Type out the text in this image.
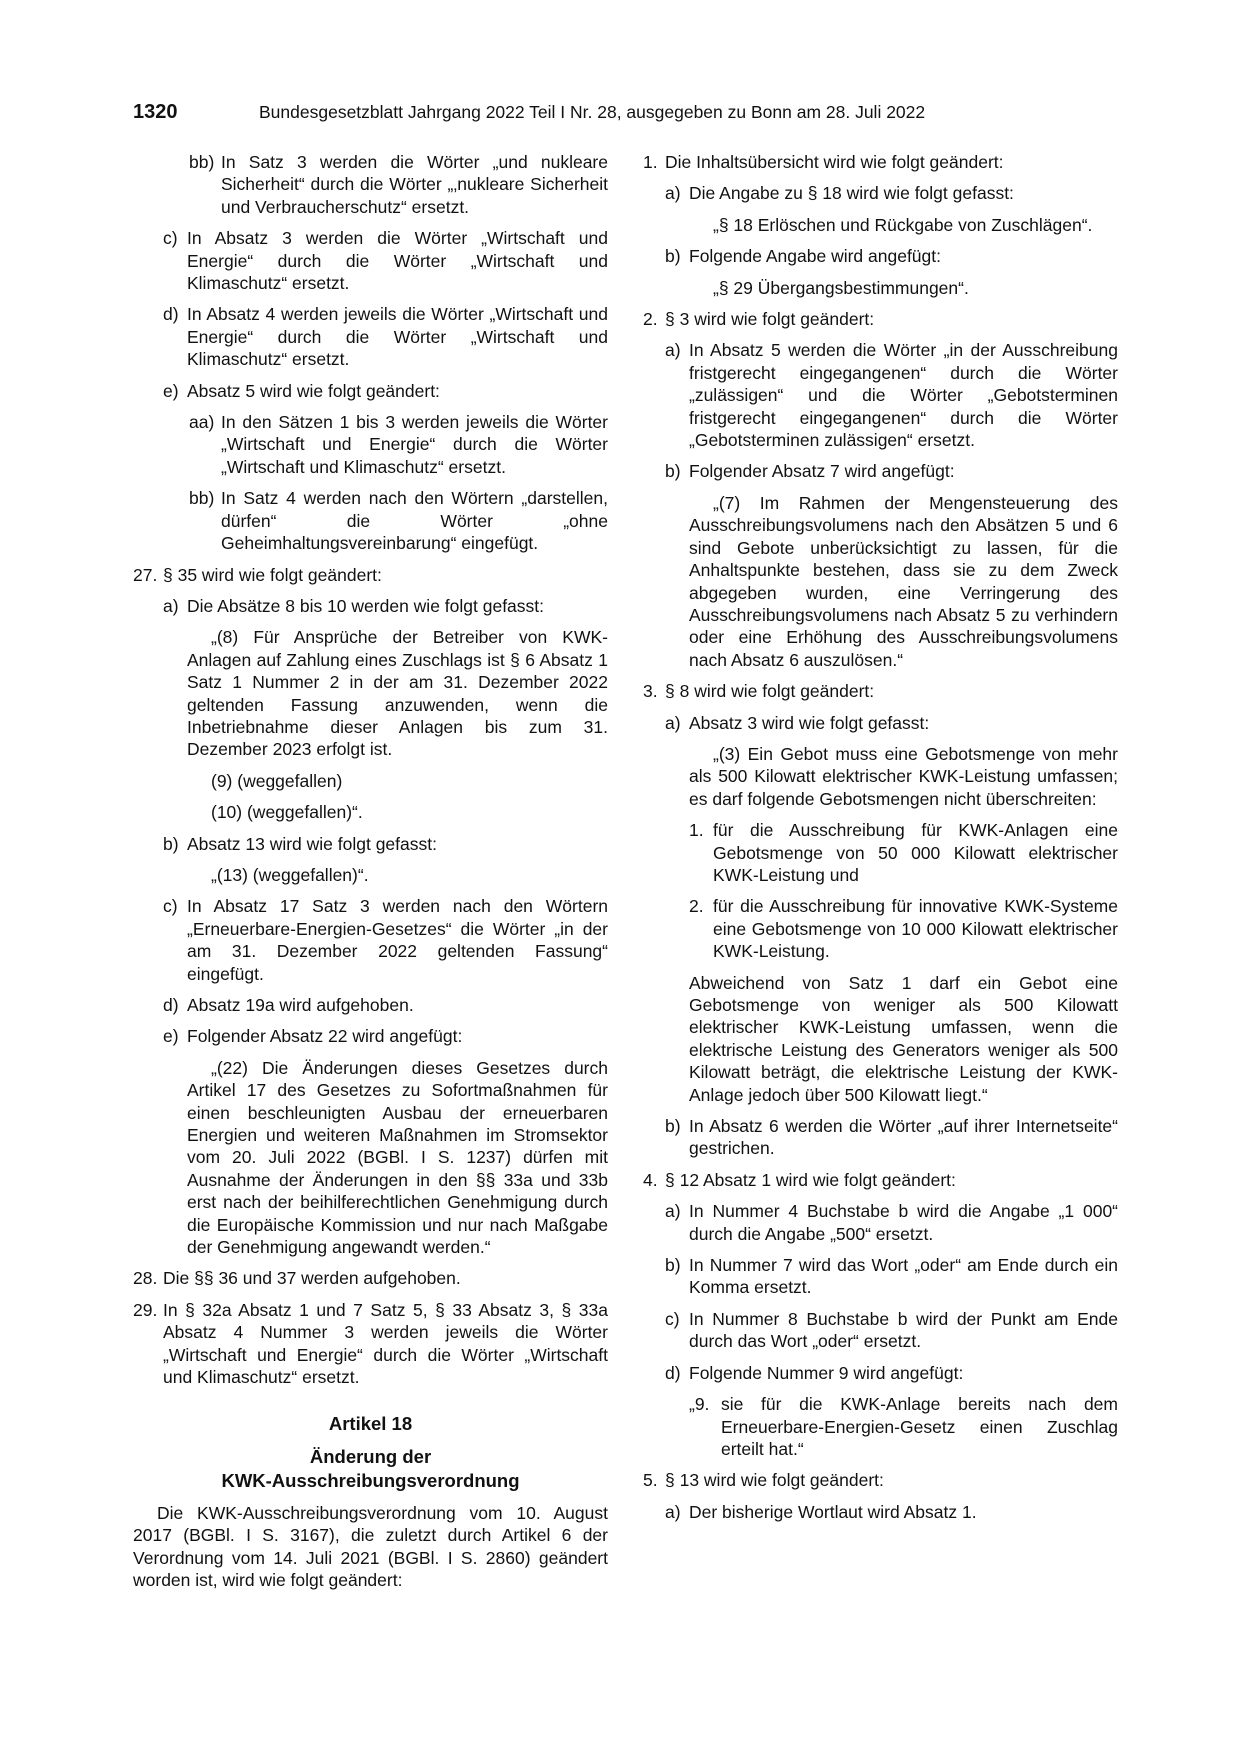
1320	Bundesgesetzblatt Jahrgang 2022 Teil I Nr. 28, ausgegeben zu Bonn am 28. Juli 2022
bb) In Satz 3 werden die Wörter „und nukleare Sicherheit“ durch die Wörter „‚nukleare Sicherheit und Verbraucherschutz“ ersetzt.
c) In Absatz 3 werden die Wörter „Wirtschaft und Energie“ durch die Wörter „Wirtschaft und Klimaschutz“ ersetzt.
d) In Absatz 4 werden jeweils die Wörter „Wirtschaft und Energie“ durch die Wörter „Wirtschaft und Klimaschutz“ ersetzt.
e) Absatz 5 wird wie folgt geändert:
aa) In den Sätzen 1 bis 3 werden jeweils die Wörter „Wirtschaft und Energie“ durch die Wörter „Wirtschaft und Klimaschutz“ ersetzt.
bb) In Satz 4 werden nach den Wörtern „darstellen, dürfen“ die Wörter „ohne Geheimhaltungsvereinbarung“ eingefügt.
27. § 35 wird wie folgt geändert:
a) Die Absätze 8 bis 10 werden wie folgt gefasst:
„(8) Für Ansprüche der Betreiber von KWK-Anlagen auf Zahlung eines Zuschlags ist § 6 Absatz 1 Satz 1 Nummer 2 in der am 31. Dezember 2022 geltenden Fassung anzuwenden, wenn die Inbetriebnahme dieser Anlagen bis zum 31. Dezember 2023 erfolgt ist.
(9) (weggefallen)
(10) (weggefallen)“.
b) Absatz 13 wird wie folgt gefasst:
„(13) (weggefallen)“.
c) In Absatz 17 Satz 3 werden nach den Wörtern „Erneuerbare-Energien-Gesetzes“ die Wörter „in der am 31. Dezember 2022 geltenden Fassung“ eingefügt.
d) Absatz 19a wird aufgehoben.
e) Folgender Absatz 22 wird angefügt:
„(22) Die Änderungen dieses Gesetzes durch Artikel 17 des Gesetzes zu Sofortmaßnahmen für einen beschleunigten Ausbau der erneuerbaren Energien und weiteren Maßnahmen im Stromsektor vom 20. Juli 2022 (BGBl. I S. 1237) dürfen mit Ausnahme der Änderungen in den §§ 33a und 33b erst nach der beihilferechtlichen Genehmigung durch die Europäische Kommission und nur nach Maßgabe der Genehmigung angewandt werden.“
28. Die §§ 36 und 37 werden aufgehoben.
29. In § 32a Absatz 1 und 7 Satz 5, § 33 Absatz 3, § 33a Absatz 4 Nummer 3 werden jeweils die Wörter „Wirtschaft und Energie“ durch die Wörter „Wirtschaft und Klimaschutz“ ersetzt.
Artikel 18
Änderung der
KWK-Ausschreibungsverordnung
Die KWK-Ausschreibungsverordnung vom 10. August 2017 (BGBl. I S. 3167), die zuletzt durch Artikel 6 der Verordnung vom 14. Juli 2021 (BGBl. I S. 2860) geändert worden ist, wird wie folgt geändert:
1. Die Inhaltsübersicht wird wie folgt geändert:
a) Die Angabe zu § 18 wird wie folgt gefasst:
„§ 18 Erlöschen und Rückgabe von Zuschlägen“.
b) Folgende Angabe wird angefügt:
„§ 29 Übergangsbestimmungen“.
2. § 3 wird wie folgt geändert:
a) In Absatz 5 werden die Wörter „in der Ausschreibung fristgerecht eingegangenen“ durch die Wörter „zulässigen“ und die Wörter „Gebotsterminen fristgerecht eingegangenen“ durch die Wörter „Gebotsterminen zulässigen“ ersetzt.
b) Folgender Absatz 7 wird angefügt:
„(7) Im Rahmen der Mengensteuerung des Ausschreibungsvolumens nach den Absätzen 5 und 6 sind Gebote unberücksichtigt zu lassen, für die Anhaltspunkte bestehen, dass sie zu dem Zweck abgegeben wurden, eine Verringerung des Ausschreibungsvolumens nach Absatz 5 zu verhindern oder eine Erhöhung des Ausschreibungsvolumens nach Absatz 6 auszulösen.“
3. § 8 wird wie folgt geändert:
a) Absatz 3 wird wie folgt gefasst:
„(3) Ein Gebot muss eine Gebotsmenge von mehr als 500 Kilowatt elektrischer KWK-Leistung umfassen; es darf folgende Gebotsmengen nicht überschreiten:
1. für die Ausschreibung für KWK-Anlagen eine Gebotsmenge von 50 000 Kilowatt elektrischer KWK-Leistung und
2. für die Ausschreibung für innovative KWK-Systeme eine Gebotsmenge von 10 000 Kilowatt elektrischer KWK-Leistung.
Abweichend von Satz 1 darf ein Gebot eine Gebotsmenge von weniger als 500 Kilowatt elektrischer KWK-Leistung umfassen, wenn die elektrische Leistung des Generators weniger als 500 Kilowatt beträgt, die elektrische Leistung der KWK-Anlage jedoch über 500 Kilowatt liegt.“
b) In Absatz 6 werden die Wörter „auf ihrer Internetseite“ gestrichen.
4. § 12 Absatz 1 wird wie folgt geändert:
a) In Nummer 4 Buchstabe b wird die Angabe „1 000“ durch die Angabe „500“ ersetzt.
b) In Nummer 7 wird das Wort „oder“ am Ende durch ein Komma ersetzt.
c) In Nummer 8 Buchstabe b wird der Punkt am Ende durch das Wort „oder“ ersetzt.
d) Folgende Nummer 9 wird angefügt:
„9. sie für die KWK-Anlage bereits nach dem Erneuerbare-Energien-Gesetz einen Zuschlag erteilt hat.“
5. § 13 wird wie folgt geändert:
a) Der bisherige Wortlaut wird Absatz 1.
